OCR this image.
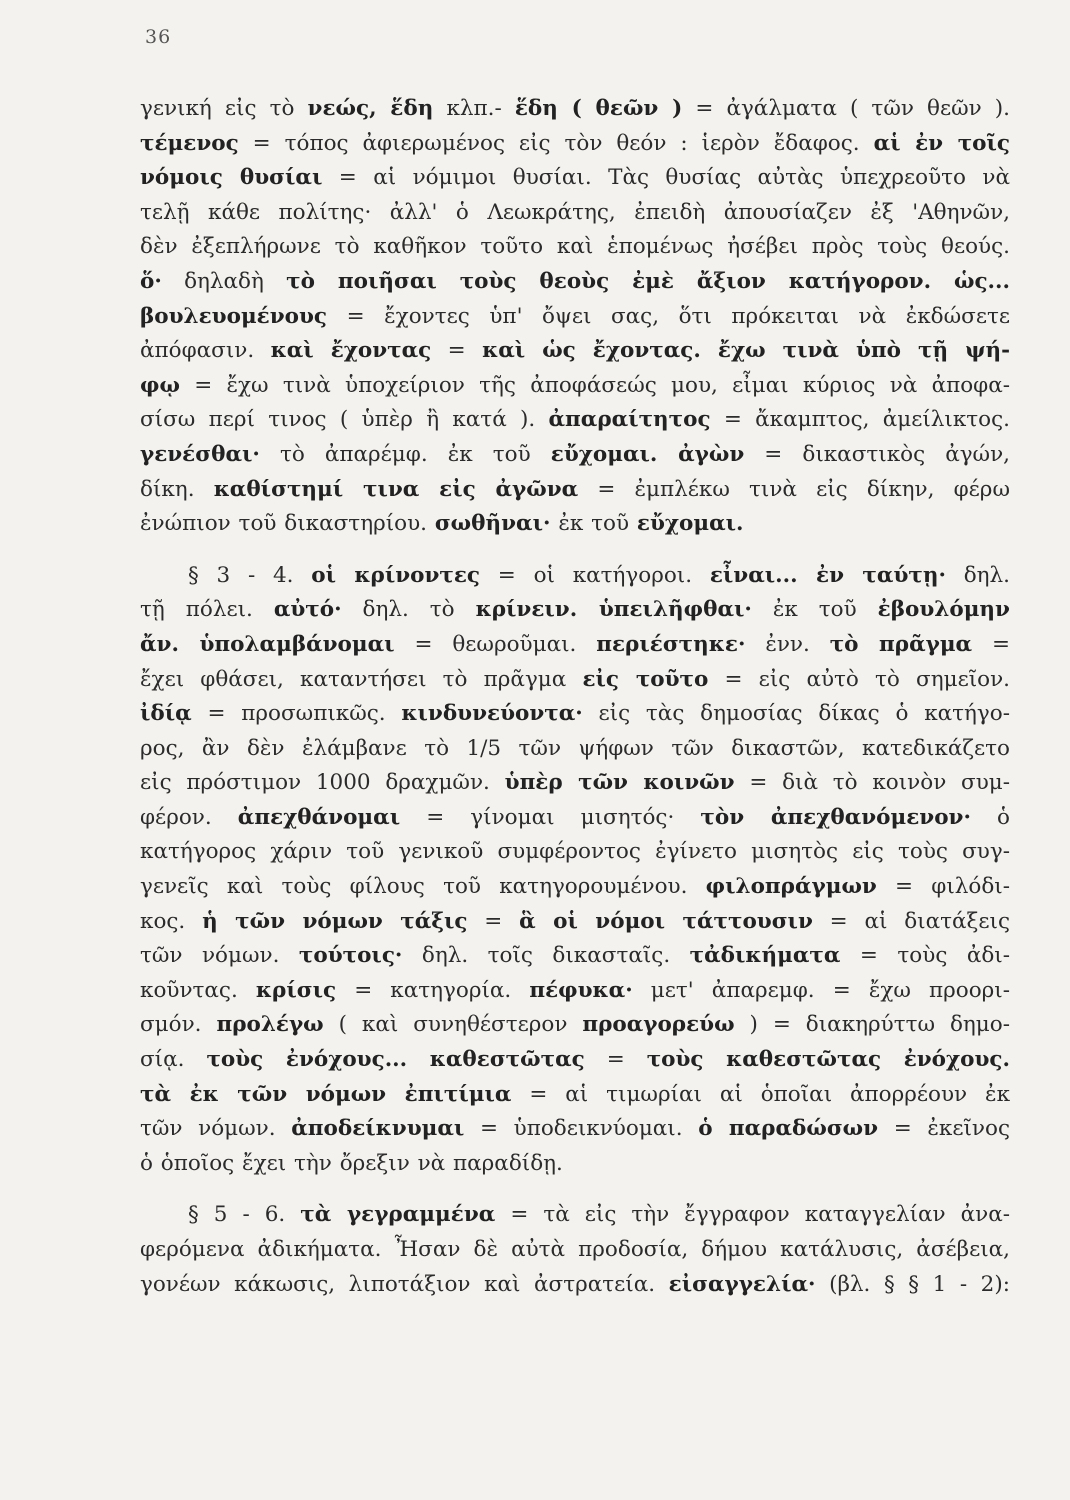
36
γενική εἰς τὸ νεώς, ἕδη κλπ.- ἕδη ( θεῶν ) = ἀγάλματα ( τῶν θεῶν ).
τέμενος = τόπος ἀφιερωμένος εἰς τὸν θεόν : ἱερὸν ἔδαφος. αἱ ἐν τοῖς
νόμοις θυσίαι = αἱ νόμιμοι θυσίαι. Τὰς θυσίας αὐτὰς ὑπεχρεοῦτο νὰ
τελῇ κάθε πολίτης· ἀλλ' ὁ Λεωκράτης, ἐπειδὴ ἀπουσίαζεν ἐξ 'Αθηνῶν,
δὲν ἐξεπλήρωνε τὸ καθῆκον τοῦτο καὶ ἑπομένως ἠσέβει πρὸς τοὺς θεούς.
ὅ· δηλαδὴ τὸ ποιῆσαι τοὺς θεοὺς ἐμὲ ἄξιον κατήγορον. ὡς...
βουλευομένους = ἔχοντες ὑπ' ὄψει σας, ὅτι πρόκειται νὰ ἐκδώσετε
ἀπόφασιν. καὶ ἔχοντας = καὶ ὡς ἔχοντας. ἔχω τινὰ ὑπὸ τῇ ψή-
φῳ = ἔχω τινὰ ὑποχείριον τῆς ἀποφάσεώς μου, εἶμαι κύριος νὰ ἀποφα-
σίσω περί τινος ( ὑπὲρ ἢ κατά ). ἀπαραίτητος = ἄκαμπτος, ἀμείλικτος.
γενέσθαι· τὸ ἀπαρέμφ. ἐκ τοῦ εὔχομαι. ἀγὼν = δικαστικὸς ἀγών,
δίκη. καθίστημί τινα εἰς ἀγῶνα = ἐμπλέκω τινὰ εἰς δίκην, φέρω
ἐνώπιον τοῦ δικαστηρίου. σωθῆναι· ἐκ τοῦ εὔχομαι.
§ 3 - 4. οἱ κρίνοντες = οἱ κατήγοροι. εἶναι... ἐν ταύτῃ· δηλ.
τῇ πόλει. αὐτό· δηλ. τὸ κρίνειν. ὑπειλῆφθαι· ἐκ τοῦ ἐβουλόμην
ἄν. ὑπολαμβάνομαι = θεωροῦμαι. περιέστηκε· ἐνν. τὸ πρᾶγμα =
ἔχει φθάσει, καταντήσει τὸ πρᾶγμα εἰς τοῦτο = εἰς αὐτὸ τὸ σημεῖον.
ἰδίᾳ = προσωπικῶς. κινδυνεύοντα· εἰς τὰς δημοσίας δίκας ὁ κατήγο-
ρος, ἂν δὲν ἐλάμβανε τὸ 1/5 τῶν ψήφων τῶν δικαστῶν, κατεδικάζετο
εἰς πρόστιμον 1000 δραχμῶν. ὑπὲρ τῶν κοινῶν = διὰ τὸ κοινὸν συμ-
φέρον. ἀπεχθάνομαι = γίνομαι μισητός· τὸν ἀπεχθανόμενον· ὁ
κατήγορος χάριν τοῦ γενικοῦ συμφέροντος ἐγίνετο μισητὸς εἰς τοὺς συγ-
γενεῖς καὶ τοὺς φίλους τοῦ κατηγορουμένου. φιλοπράγμων = φιλόδι-
κος. ἡ τῶν νόμων τάξις = ἃ οἱ νόμοι τάττουσιν = αἱ διατάξεις
τῶν νόμων. τούτοις· δηλ. τοῖς δικασταῖς. τἀδικήματα = τοὺς ἀδι-
κοῦντας. κρίσις = κατηγορία. πέφυκα· μετ' ἀπαρεμφ. = ἔχω προορι-
σμόν. προλέγω ( καὶ συνηθέστερον προαγορεύω ) = διακηρύττω δημο-
σίᾳ. τοὺς ἐνόχους... καθεστῶτας = τοὺς καθεστῶτας ἐνόχους.
τὰ ἐκ τῶν νόμων ἐπιτίμια = αἱ τιμωρίαι αἱ ὁποῖαι ἀπορρέουν ἐκ
τῶν νόμων. ἀποδείκνυμαι = ὑποδεικνύομαι. ὁ παραδώσων = ἐκεῖνος
ὁ ὁποῖος ἔχει τὴν ὄρεξιν νὰ παραδίδῃ.
§ 5 - 6. τὰ γεγραμμένα = τὰ εἰς τὴν ἔγγραφον καταγγελίαν ἀνα-
φερόμενα ἀδικήματα. Ἦσαν δὲ αὐτὰ προδοσία, δήμου κατάλυσις, ἀσέβεια,
γονέων κάκωσις, λιποτάξιον καὶ ἀστρατεία. εἰσαγγελία· (βλ. § § 1 - 2):
